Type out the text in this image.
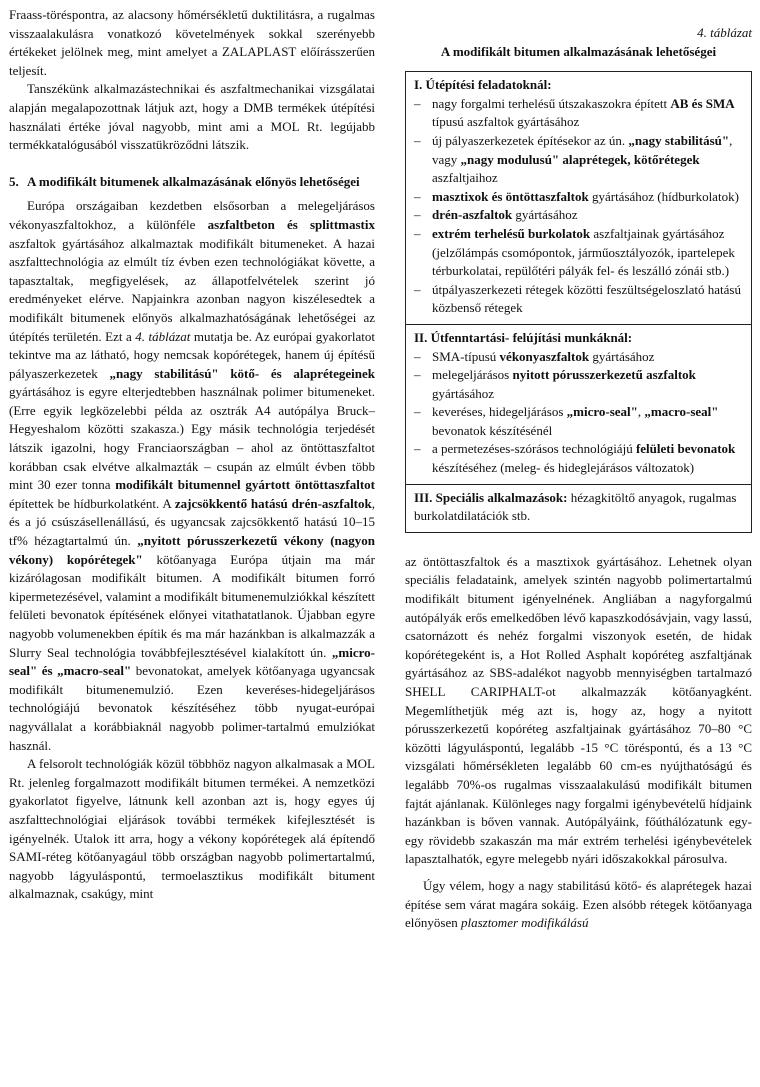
Fraass-töréspontra, az alacsony hőmérsékletű duktilitásra, a rugalmas visszaalakulásra vonatkozó követelmények sokkal szerényebb értékeket jelölnek meg, mint amelyet a ZALAPLAST előírásszerűen teljesít.

Tanszékünk alkalmazástechnikai és aszfaltmechanikai vizsgálatai alapján megalapozottnak látjuk azt, hogy a DMB termékek útépítési használati értéke jóval nagyobb, mint ami a MOL Rt. legújabb termékkatalógusából visszatükröződni látszik.

5. A modifikált bitumenek alkalmazásának előnyös lehetőségei

Európa országaiban kezdetben elsősorban a melegeljárásos vékonyaszfaltokhoz, a különféle aszfaltbeton és splittmastix aszfaltok gyártásához alkalmaztak modifikált bitumeneket. A hazai aszfalttechnológia az elmúlt tíz évben ezen technológiákat követte, a tapasztaltak, megfigyelések, az állapotfelvételek szerint jó eredményeket elérve. Napjainkra azonban nagyon kiszélesedtek a modifikált bitumenek előnyös alkalmazhatóságának lehetőségei az útépítés területén. Ezt a 4. táblázat mutatja be. Az európai gyakorlatot tekintve ma az látható, hogy nemcsak kopórétegek, hanem új építésű pályaszerkezetek „nagy stabilitású" kötő- és alaprétegeinek gyártásához is egyre elterjedtebben használnak polimer bitumeneket. (Erre egyik legközelebbi példa az osztrák A4 autópálya Bruck–Hegyeshalom közötti szakasza.) Egy másik technológia terjedését látszik igazolni, hogy Franciaországban – ahol az öntöttaszfaltot korábban csak elvétve alkalmazták – csupán az elmúlt évben több mint 30 ezer tonna modifikált bitumennel gyártott öntöttaszfaltot építettek be hídburkolatként. A zajcsökkentő hatású drén-aszfaltok, és a jó csúszásellenállású, és ugyancsak zajcsökkentő hatású 10–15 tf% hézagtartalmú ún. „nyitott pórusszerkezetű vékony (nagyon vékony) kopórétegek" kötőanyaga Európa útjain ma már kizárólagosan modifikált bitumen. A modifikált bitumen forró kipermetezésével, valamint a modifikált bitumenemulziókkal készített felületi bevonatok építésének előnyei vitathatatlanok. Újabban egyre nagyobb volumenekben építik és ma már hazánkban is alkalmazzák a Slurry Seal technológia továbbfejlesztésével kialakított ún. „micro-seal" és „macro-seal" bevonatokat, amelyek kötőanyaga ugyancsak modifikált bitumenemulzió. Ezen keveréses-hidegeljárásos technológiájú bevonatok készítéséhez több nyugat-európai nagyvállalat a korábbiaknál nagyobb polimer-tartalmú emulziókat használ.

A felsorolt technológiák közül többhöz nagyon alkalmasak a MOL Rt. jelenleg forgalmazott modifikált bitumen termékei. A nemzetközi gyakorlatot figyelve, látnunk kell azonban azt is, hogy egyes új aszfalttechnológiai eljárások további termékek kifejlesztését is igényelnék. Utalok itt arra, hogy a vékony kopórétegek alá építendő SAMI-réteg kötőanyagául több országban nagyobb polimertartalmú, nagyobb lágyuláspontú, termoelasztikus modifikált bitument alkalmaznak, csakúgy, mint

4. táblázat
A modifikált bitumen alkalmazásának lehetőségei
I. Útépítési feladatoknál:
– nagy forgalmi terhelésű útszakaszokra épített AB és SMA típusú aszfaltok gyártásához
– új pályaszerkezetek építésekor az ún. „nagy stabilitású", vagy „nagy modulusú" alaprétegek, kötőrétegek aszfaltjaihoz
– masztixok és öntöttaszfaltok gyártásához (hídburkolatok)
– drén-aszfaltok gyártásához
– extrém terhelésű burkolatok aszfaltjainak gyártásához (jelzőlámpás csomópontok, járműosztályozók, ipartelepek térburkolatai, repülőtéri pályák fel- és leszálló zónái stb.)
– útpályaszerkezeti rétegek közötti feszültségeloszlató hatású közbenső rétegek
II. Útfenntartási- felújítási munkáknál:
– SMA-típusú vékonyaszfaltok gyártásához
– melegeljárásos nyitott pórusszerkezetű aszfaltok gyártásához
– keveréses, hidegeljárásos „micro-seal", „macro-seal" bevonatok készítésénél
– a permetezéses-szórásos technológiájú felületi bevonatok készítéséhez (meleg- és hideglejárásos változatok)
III. Speciális alkalmazások: hézagkitöltő anyagok, rugalmas burkolatdilatációk stb.

az öntöttaszfaltok és a masztixok gyártásához. Lehetnek olyan speciális feladataink, amelyek szintén nagyobb polimertartalmú modifikált bitument igényelnének. Angliában a nagyforgalmú autópályák erős emelkedőben lévő kapaszkodósávjain, vagy lassú, csatornázott és nehéz forgalmi viszonyok esetén, de hidak kopórétegeként is, a Hot Rolled Asphalt kopóréteg aszfaltjának gyártásához az SBS-adalékot nagyobb mennyiségben tartalmazó SHELL CARIPHALT-ot alkalmazzák kötőanyagként. Megemlíthetjük még azt is, hogy az, hogy a nyitott pórusszerkezetű kopóréteg aszfaltjainak gyártásához 70–80 °C közötti lágyuláspontú, legalább -15 °C töréspontú, és a 13 °C vizsgálati hőmérsékleten legalább 60 cm-es nyújthatóságú és legalább 70%-os rugalmas visszaalakulású modifikált bitumen fajtát ajánlanak. Különleges nagy forgalmi igénybevételű hídjaink hazánkban is bőven vannak. Autópályáink, főúthálózatunk egy-egy rövidebb szakaszán ma már extrém terhelési igénybevételek lapasztalhatók, egyre melegebb nyári időszakokkal párosulva.

Úgy vélem, hogy a nagy stabilitású kötő- és alaprétegek hazai építése sem várat magára sokáig. Ezen alsóbb rétegek kötőanyaga előnyösen plasztomer modifikálású
